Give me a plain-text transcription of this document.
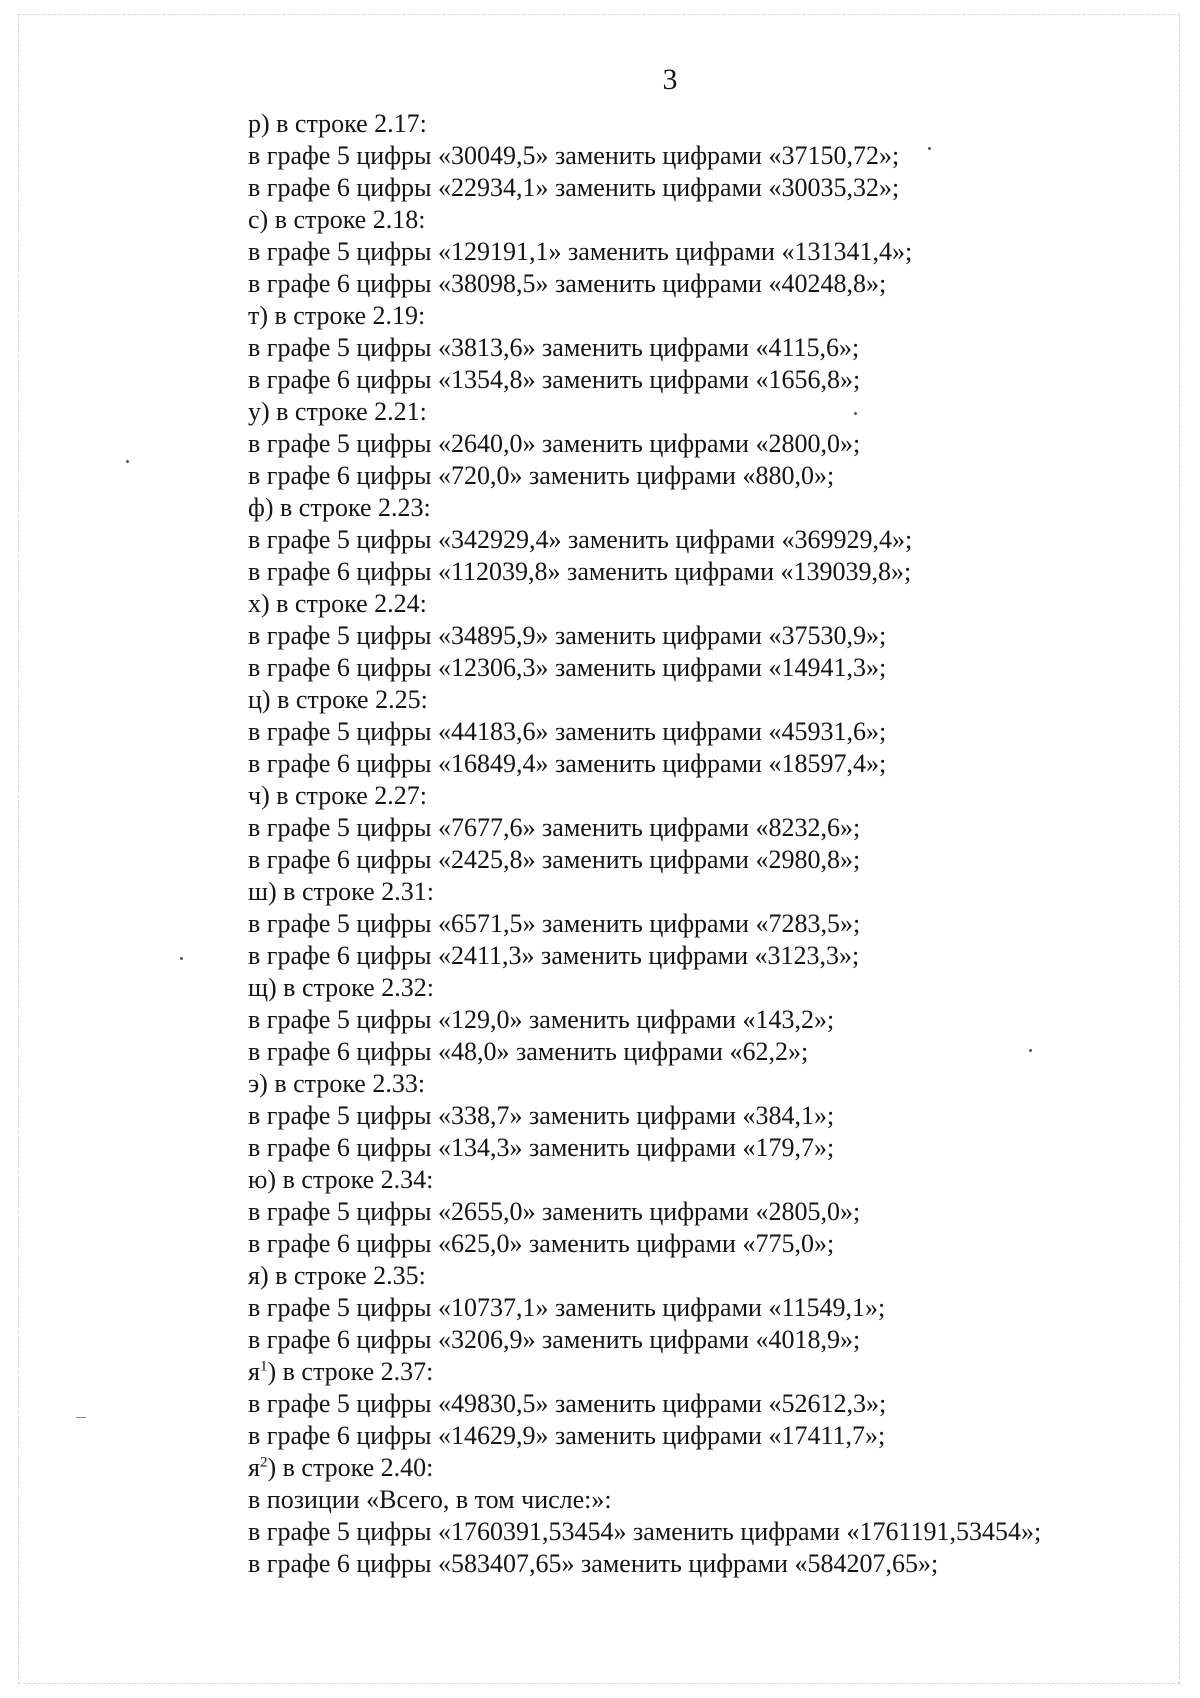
3
р) в строке 2.17:
в графе 5 цифры «30049,5» заменить цифрами «37150,72»;
в графе 6 цифры «22934,1» заменить цифрами «30035,32»;
с) в строке 2.18:
в графе 5 цифры «129191,1» заменить цифрами «131341,4»;
в графе 6 цифры «38098,5» заменить цифрами «40248,8»;
т) в строке 2.19:
в графе 5 цифры «3813,6» заменить цифрами «4115,6»;
в графе 6 цифры «1354,8» заменить цифрами «1656,8»;
у) в строке 2.21:
в графе 5 цифры «2640,0» заменить цифрами «2800,0»;
в графе 6 цифры «720,0» заменить цифрами «880,0»;
ф) в строке 2.23:
в графе 5 цифры «342929,4» заменить цифрами «369929,4»;
в графе 6 цифры «112039,8» заменить цифрами «139039,8»;
х) в строке 2.24:
в графе 5 цифры «34895,9» заменить цифрами «37530,9»;
в графе 6 цифры «12306,3» заменить цифрами «14941,3»;
ц) в строке 2.25:
в графе 5 цифры «44183,6» заменить цифрами «45931,6»;
в графе 6 цифры «16849,4» заменить цифрами «18597,4»;
ч) в строке 2.27:
в графе 5 цифры «7677,6» заменить цифрами «8232,6»;
в графе 6 цифры «2425,8» заменить цифрами «2980,8»;
ш) в строке 2.31:
в графе 5 цифры «6571,5» заменить цифрами «7283,5»;
в графе 6 цифры «2411,3» заменить цифрами «3123,3»;
щ) в строке 2.32:
в графе 5 цифры «129,0» заменить цифрами «143,2»;
в графе 6 цифры «48,0» заменить цифрами «62,2»;
э) в строке 2.33:
в графе 5 цифры «338,7» заменить цифрами «384,1»;
в графе 6 цифры «134,3» заменить цифрами «179,7»;
ю) в строке 2.34:
в графе 5 цифры «2655,0» заменить цифрами «2805,0»;
в графе 6 цифры «625,0» заменить цифрами «775,0»;
я) в строке 2.35:
в графе 5 цифры «10737,1» заменить цифрами «11549,1»;
в графе 6 цифры «3206,9» заменить цифрами «4018,9»;
$я^1$) в строке 2.37:
в графе 5 цифры «49830,5» заменить цифрами «52612,3»;
в графе 6 цифры «14629,9» заменить цифрами «17411,7»;
$я^2$) в строке 2.40:
в позиции «Всего, в том числе:»:
в графе 5 цифры «1760391,53454» заменить цифрами «1761191,53454»;
в графе 6 цифры «583407,65» заменить цифрами «584207,65»;
